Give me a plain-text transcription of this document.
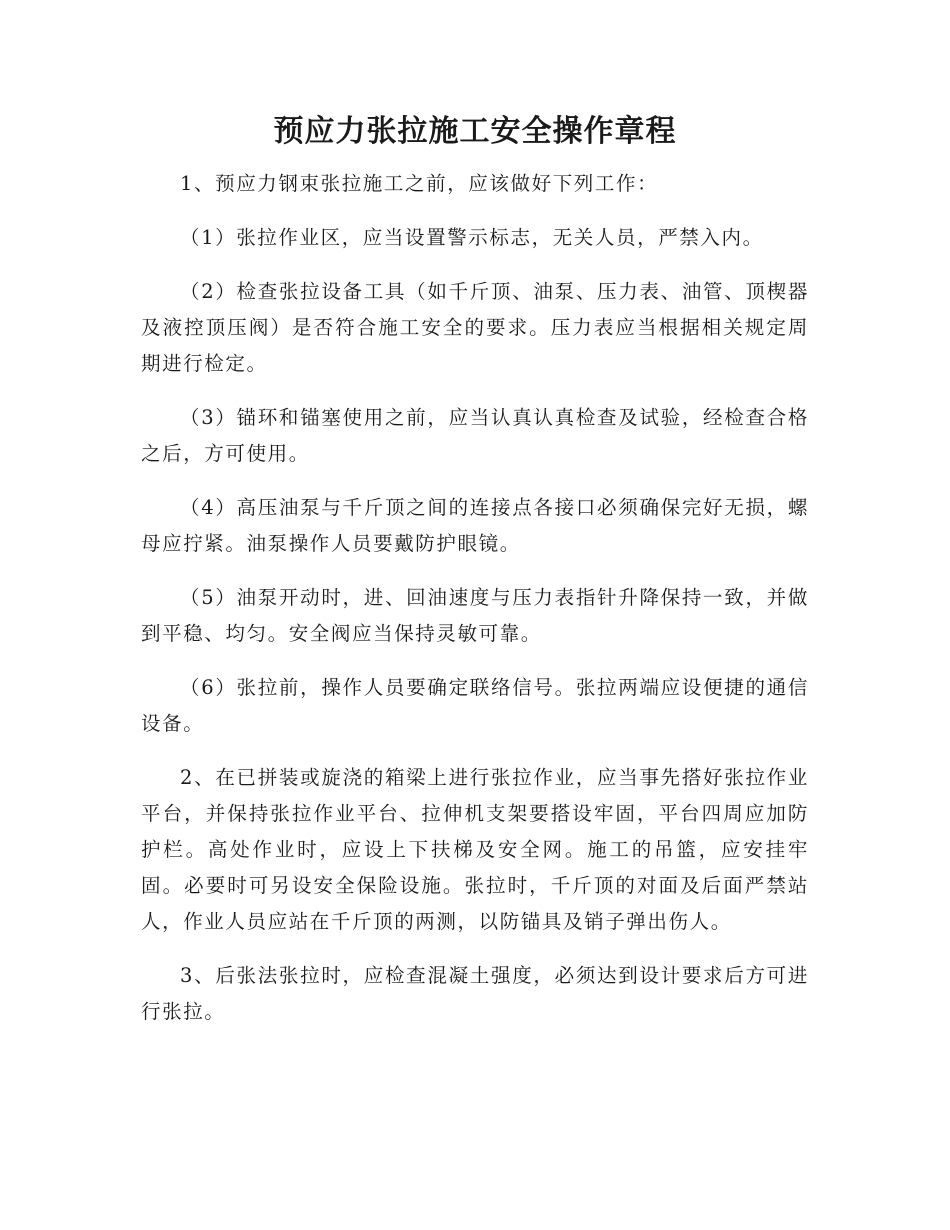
预应力张拉施工安全操作章程

1、预应力钢束张拉施工之前，应该做好下列工作：

（1）张拉作业区，应当设置警示标志，无关人员，严禁入内。

（2）检查张拉设备工具（如千斤顶、油泵、压力表、油管、顶楔器及液控顶压阀）是否符合施工安全的要求。压力表应当根据相关规定周期进行检定。

（3）锚环和锚塞使用之前，应当认真认真检查及试验，经检查合格之后，方可使用。

（4）高压油泵与千斤顶之间的连接点各接口必须确保完好无损，螺母应拧紧。油泵操作人员要戴防护眼镜。

（5）油泵开动时，进、回油速度与压力表指针升降保持一致，并做到平稳、均匀。安全阀应当保持灵敏可靠。

（6）张拉前，操作人员要确定联络信号。张拉两端应设便捷的通信设备。

2、在已拼装或旋浇的箱梁上进行张拉作业，应当事先搭好张拉作业平台，并保持张拉作业平台、拉伸机支架要搭设牢固，平台四周应加防护栏。高处作业时，应设上下扶梯及安全网。施工的吊篮，应安挂牢固。必要时可另设安全保险设施。张拉时，千斤顶的对面及后面严禁站人，作业人员应站在千斤顶的两测，以防锚具及销子弹出伤人。

3、后张法张拉时，应检查混凝土强度，必须达到设计要求后方可进行张拉。
